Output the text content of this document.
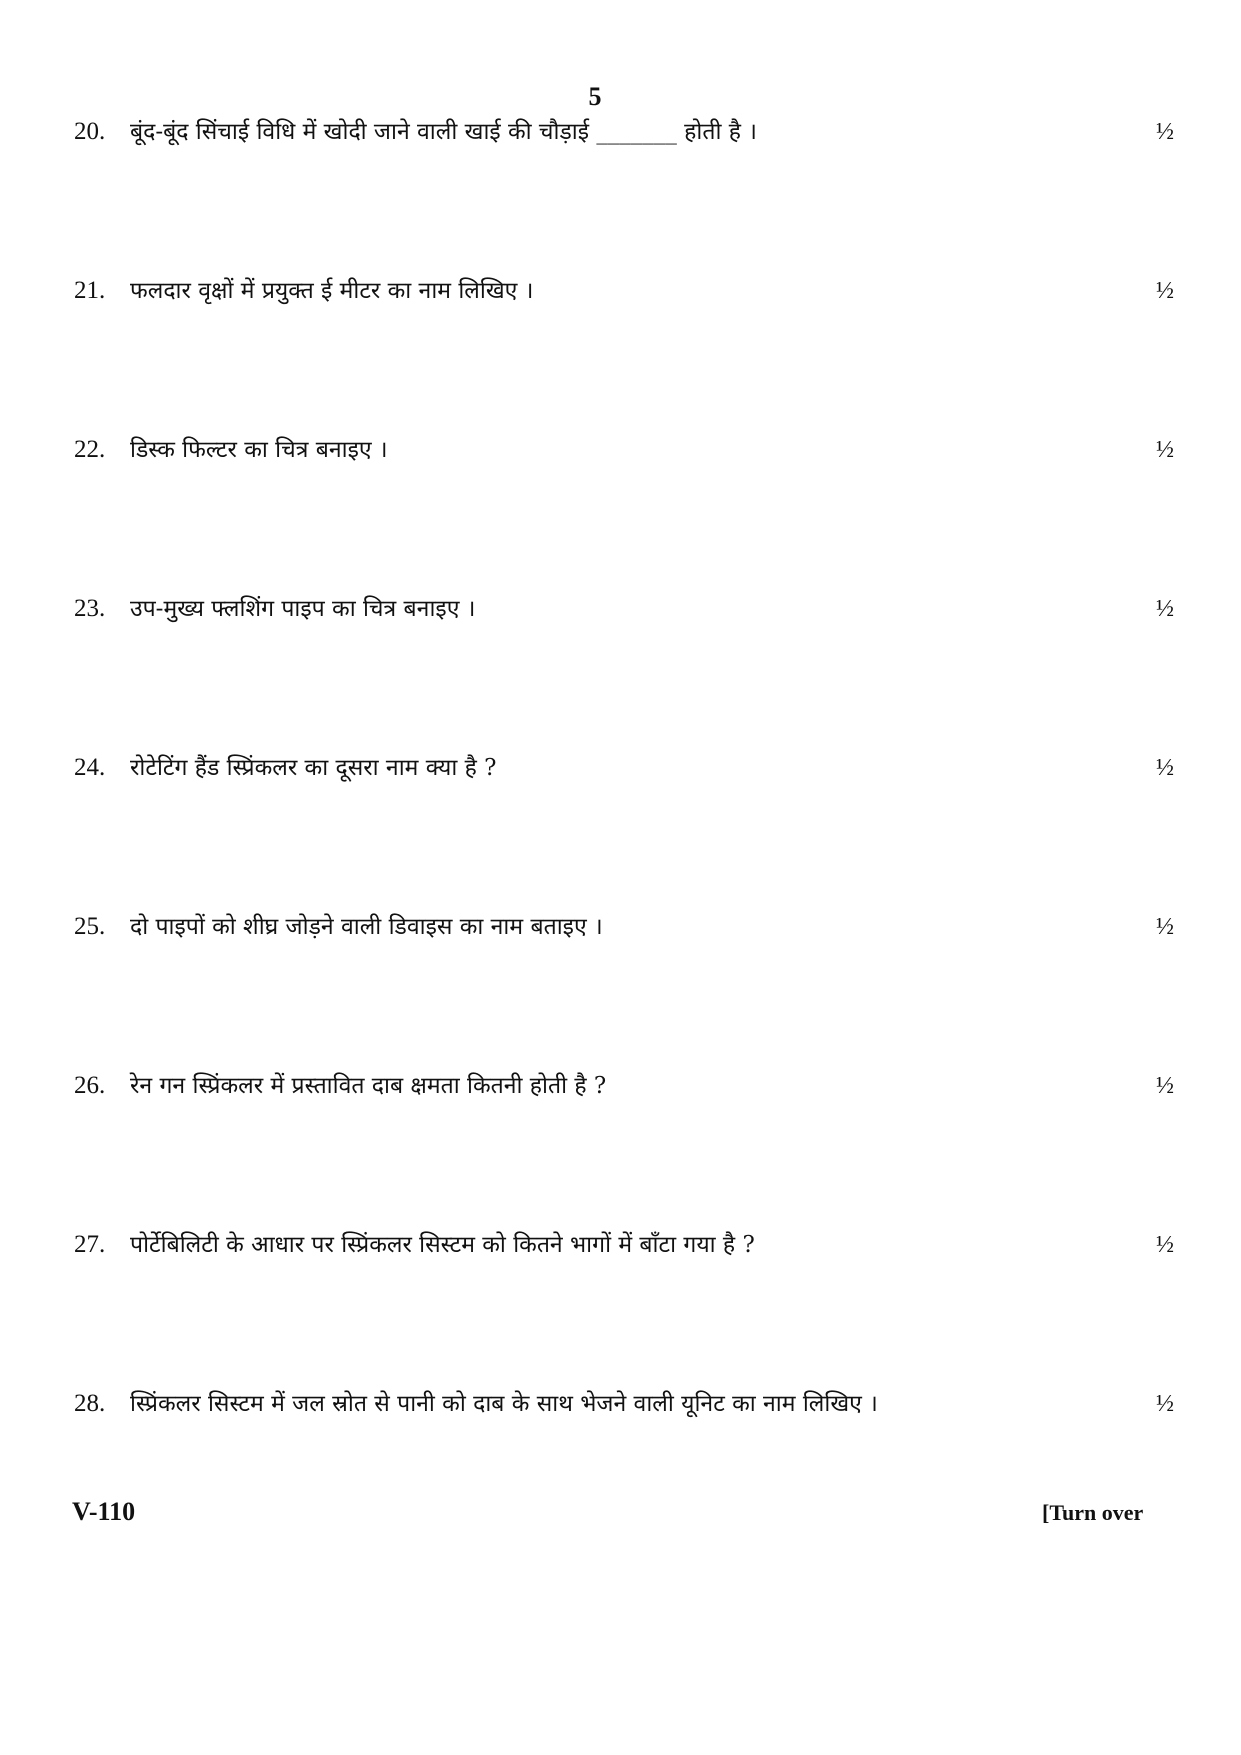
5
20.	बूंद-बूंद सिंचाई विधि में खोदी जाने वाली खाई की चौड़ाई _______ होती है ।	½
21.	फलदार वृक्षों में प्रयुक्त ई मीटर का नाम लिखिए ।	½
22.	डिस्क फिल्टर का चित्र बनाइए ।	½
23.	उप-मुख्य फ्लशिंग पाइप का चित्र बनाइए ।	½
24.	रोटेटिंग हैंड स्प्रिंकलर का दूसरा नाम क्या है ?	½
25.	दो पाइपों को शीघ्र जोड़ने वाली डिवाइस का नाम बताइए ।	½
26.	रेन गन स्प्रिंकलर में प्रस्तावित दाब क्षमता कितनी होती है ?	½
27.	पोर्टेबिलिटी के आधार पर स्प्रिंकलर सिस्टम को कितने भागों में बाँटा गया है ?	½
28.	स्प्रिंकलर सिस्टम में जल स्रोत से पानी को दाब के साथ भेजने वाली यूनिट का नाम लिखिए ।	½
V-110	[Turn over
